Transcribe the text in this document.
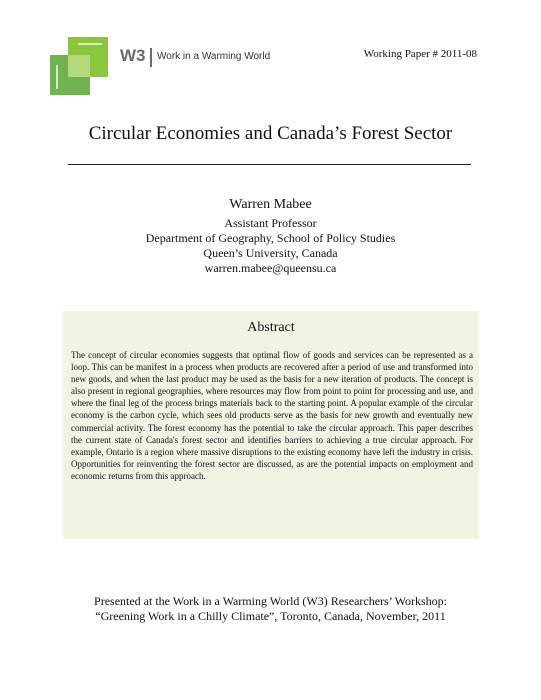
W3 Work in a Warming World	Working Paper # 2011-08
Circular Economies and Canada’s Forest Sector
Warren Mabee
Assistant Professor
Department of Geography, School of Policy Studies
Queen’s University, Canada
warren.mabee@queensu.ca
Abstract
The concept of circular economies suggests that optimal flow of goods and services can be represented as a loop. This can be manifest in a process when products are recovered after a period of use and transformed into new goods, and when the last product may be used as the basis for a new iteration of products. The concept is also present in regional geographies, where resources may flow from point to point for processing and use, and where the final leg of the process brings materials back to the starting point. A popular example of the circular economy is the carbon cycle, which sees old products serve as the basis for new growth and eventually new commercial activity. The forest economy has the potential to take the circular approach. This paper describes the current state of Canada's forest sector and identifies barriers to achieving a true circular approach. For example, Ontario is a region where massive disruptions to the existing economy have left the industry in crisis. Opportunities for reinventing the forest sector are discussed, as are the potential impacts on employment and economic returns from this approach.
Presented at the Work in a Warming World (W3) Researchers’ Workshop:
“Greening Work in a Chilly Climate”, Toronto, Canada, November, 2011
